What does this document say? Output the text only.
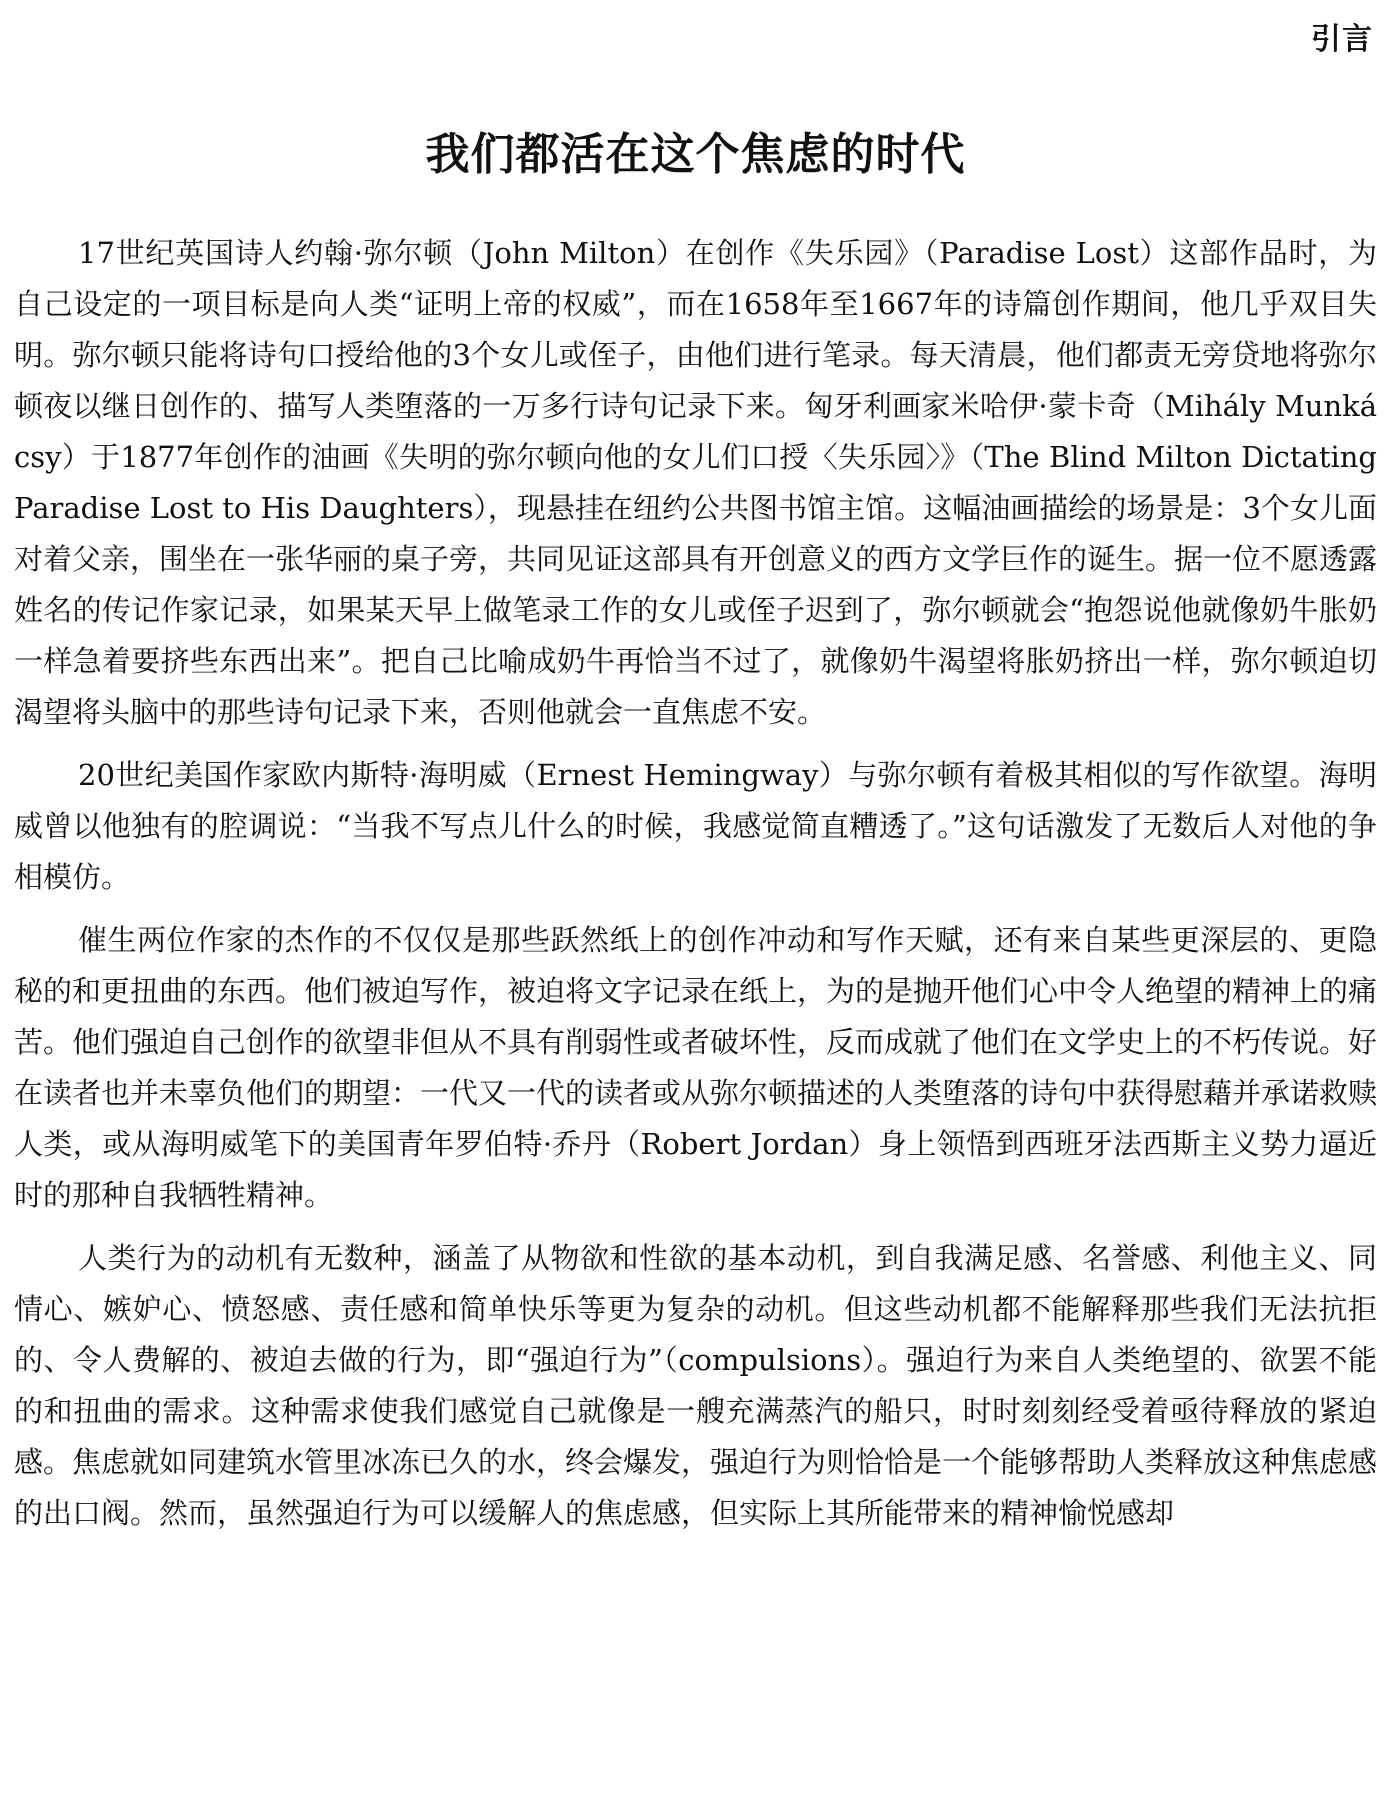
引言
我们都活在这个焦虑的时代

17世纪英国诗人约翰·弥尔顿（John Milton）在创作《失乐园》（Paradise Lost）这部作品时，为自己设定的一项目标是向人类“证明上帝的权威”，而在1658年至1667年的诗篇创作期间，他几乎双目失明。弥尔顿只能将诗句口授给他的3个女儿或侄子，由他们进行笔录。每天清晨，他们都责无旁贷地将弥尔顿夜以继日创作的、描写人类堕落的一万多行诗句记录下来。匈牙利画家米哈伊·蒙卡奇（Mihály Munkácsy）于1877年创作的油画《失明的弥尔顿向他的女儿们口授〈失乐园〉》（The Blind Milton Dictating Paradise Lost to His Daughters），现悬挂在纽约公共图书馆主馆。这幅油画描绘的场景是：3个女儿面对着父亲，围坐在一张华丽的桌子旁，共同见证这部具有开创意义的西方文学巨作的诞生。据一位不愿透露姓名的传记作家记录，如果某天早上做笔录工作的女儿或侄子迟到了，弥尔顿就会“抱怨说他就像奶牛胀奶一样急着要挤些东西出来”。把自己比喻成奶牛再恰当不过了，就像奶牛渴望将胀奶挤出一样，弥尔顿迫切渴望将头脑中的那些诗句记录下来，否则他就会一直焦虑不安。

20世纪美国作家欧内斯特·海明威（Ernest Hemingway）与弥尔顿有着极其相似的写作欲望。海明威曾以他独有的腔调说：“当我不写点儿什么的时候，我感觉简直糟透了。”这句话激发了无数后人对他的争相模仿。

催生两位作家的杰作的不仅仅是那些跃然纸上的创作冲动和写作天赋，还有来自某些更深层的、更隐秘的和更扭曲的东西。他们被迫写作，被迫将文字记录在纸上，为的是抛开他们心中令人绝望的精神上的痛苦。他们强迫自己创作的欲望非但从不具有削弱性或者破坏性，反而成就了他们在文学史上的不朽传说。好在读者也并未辜负他们的期望：一代又一代的读者或从弥尔顿描述的人类堕落的诗句中获得慰藉并承诺救赎人类，或从海明威笔下的美国青年罗伯特·乔丹（Robert Jordan）身上领悟到西班牙法西斯主义势力逼近时的那种自我牺牲精神。

人类行为的动机有无数种，涵盖了从物欲和性欲的基本动机，到自我满足感、名誉感、利他主义、同情心、嫉妒心、愤怒感、责任感和简单快乐等更为复杂的动机。但这些动机都不能解释那些我们无法抗拒的、令人费解的、被迫去做的行为，即“强迫行为”（compulsions）。强迫行为来自人类绝望的、欲罢不能的和扭曲的需求。这种需求使我们感觉自己就像是一艘充满蒸汽的船只，时时刻刻经受着亟待释放的紧迫感。焦虑就如同建筑水管里冰冻已久的水，终会爆发，强迫行为则恰恰是一个能够帮助人类释放这种焦虑感的出口阀。然而，虽然强迫行为可以缓解人的焦虑感，但实际上其所能带来的精神愉悦感却
